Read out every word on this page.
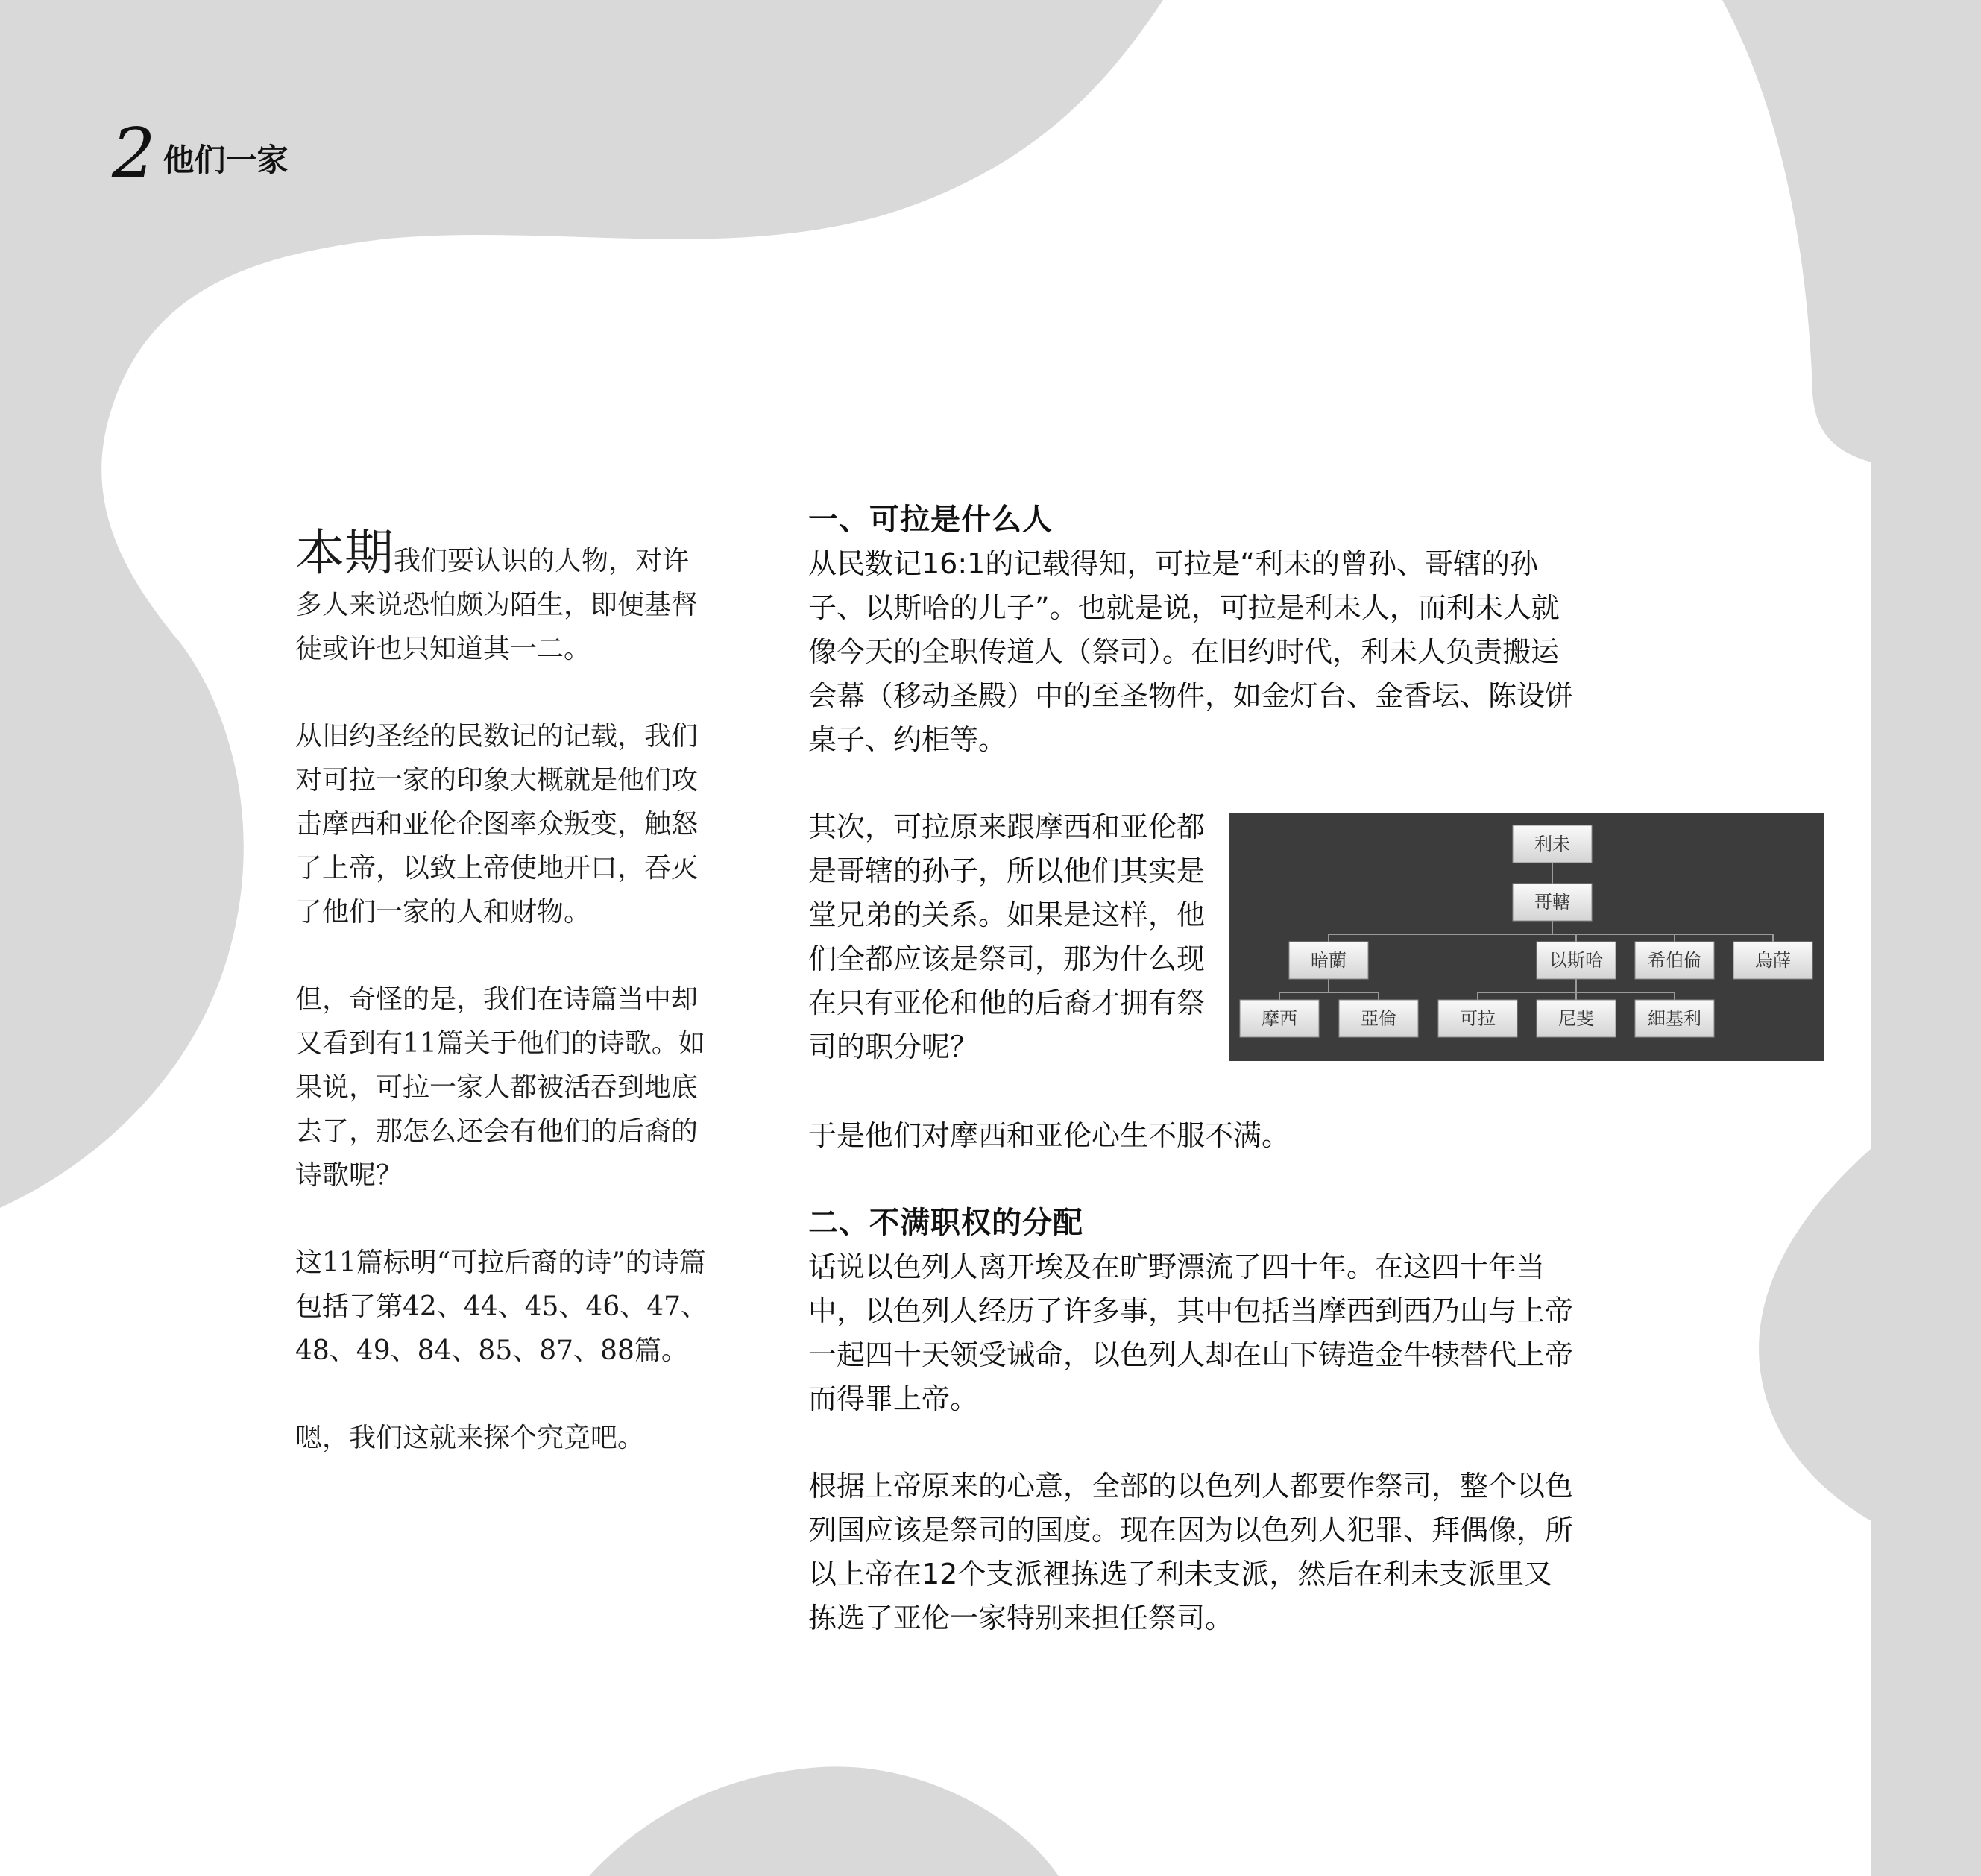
2 他们一家

本期我们要认识的人物，对许多人来说恐怕颇为陌生，即便基督徒或许也只知道其一二。

从旧约圣经的民数记的记载，我们对可拉一家的印象大概就是他们攻击摩西和亚伦企图率众叛变，触怒了上帝，以致上帝使地开口，吞灭了他们一家的人和财物。

但，奇怪的是，我们在诗篇当中却又看到有11篇关于他们的诗歌。如果说，可拉一家人都被活吞到地底去了，那怎么还会有他们的后裔的诗歌呢？

这11篇标明“可拉后裔的诗”的诗篇包括了第42、44、45、46、47、48、49、84、85、87、88篇。

嗯，我们这就来探个究竟吧。

一、可拉是什么人

从民数记16:1的记载得知，可拉是“利未的曾孙、哥辖的孙子、以斯哈的儿子”。也就是说，可拉是利未人，而利未人就像今天的全职传道人（祭司）。在旧约时代，利未人负责搬运会幕（移动圣殿）中的至圣物件，如金灯台、金香坛、陈设饼桌子、约柜等。

其次，可拉原来跟摩西和亚伦都是哥辖的孙子，所以他们其实是堂兄弟的关系。如果是这样，他们全都应该是祭司，那为什么现在只有亚伦和他的后裔才拥有祭司的职分呢？

利未
哥轄
暗蘭	以斯哈	希伯倫	烏薛
摩西	亞倫	可拉	尼斐	細基利

于是他们对摩西和亚伦心生不服不满。

二、不满职权的分配

话说以色列人离开埃及在旷野漂流了四十年。在这四十年当中，以色列人经历了许多事，其中包括当摩西到西乃山与上帝一起四十天领受诫命，以色列人却在山下铸造金牛犊替代上帝而得罪上帝。

根据上帝原来的心意，全部的以色列人都要作祭司，整个以色列国应该是祭司的国度。现在因为以色列人犯罪、拜偶像，所以上帝在12个支派裡拣选了利未支派，然后在利未支派里又拣选了亚伦一家特别来担任祭司。
